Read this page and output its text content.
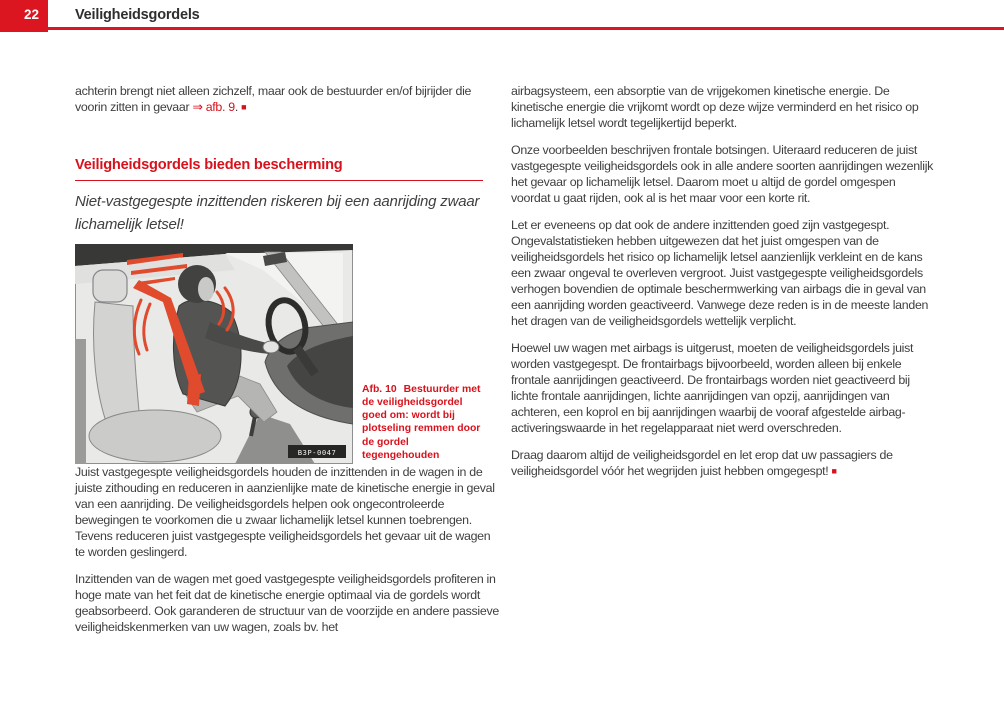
22	Veiligheidsgordels

achterin brengt niet alleen zichzelf, maar ook de bestuurder en/of bijrijder die voorin zitten in gevaar ⇒ afb. 9. ■

Veiligheidsgordels bieden bescherming

Niet-vastgegespte inzittenden riskeren bij een aanrijding zwaar lichamelijk letsel!

B3P-0047
Afb. 10 Bestuurder met de veiligheidsgordel goed om: wordt bij plotseling remmen door de gordel tegengehouden

Juist vastgegespte veiligheidsgordels houden de inzittenden in de wagen in de juiste zithouding en reduceren in aanzienlijke mate de kinetische energie in geval van een aanrijding. De veiligheidsgordels helpen ook ongecontroleerde bewegingen te voorkomen die u zwaar lichamelijk letsel kunnen toebrengen. Tevens reduceren juist vastgegespte veiligheidsgordels het gevaar uit de wagen te worden geslingerd.

Inzittenden van de wagen met goed vastgegespte veiligheidsgordels profiteren in hoge mate van het feit dat de kinetische energie optimaal via de gordels wordt geabsorbeerd. Ook garanderen de structuur van de voorzijde en andere passieve veiligheidskenmerken van uw wagen, zoals bv. het

airbagsysteem, een absorptie van de vrijgekomen kinetische energie. De kinetische energie die vrijkomt wordt op deze wijze verminderd en het risico op lichamelijk letsel wordt tegelijkertijd beperkt.

Onze voorbeelden beschrijven frontale botsingen. Uiteraard reduceren de juist vastgegespte veiligheidsgordels ook in alle andere soorten aanrijdingen wezenlijk het gevaar op lichamelijk letsel. Daarom moet u altijd de gordel omgespen voordat u gaat rijden, ook al is het maar voor een korte rit.

Let er eveneens op dat ook de andere inzittenden goed zijn vastgegespt. Ongevalstatistieken hebben uitgewezen dat het juist omgespen van de veiligheidsgordels het risico op lichamelijk letsel aanzienlijk verkleint en de kans een zwaar ongeval te overleven vergroot. Juist vastgegespte veiligheidsgordels verhogen bovendien de optimale beschermwerking van airbags die in geval van een aanrijding worden geactiveerd. Vanwege deze reden is in de meeste landen het dragen van de veiligheidsgordels wettelijk verplicht.

Hoewel uw wagen met airbags is uitgerust, moeten de veiligheidsgordels juist worden vastgegespt. De frontairbags bijvoorbeeld, worden alleen bij enkele frontale aanrijdingen geactiveerd. De frontairbags worden niet geactiveerd bij lichte frontale aanrijdingen, lichte aanrijdingen van opzij, aanrijdingen van achteren, een koprol en bij aanrijdingen waarbij de vooraf afgestelde airbag-activeringswaarde in het regelapparaat niet werd overschreden.

Draag daarom altijd de veiligheidsgordel en let erop dat uw passagiers de veiligheidsgordel vóór het wegrijden juist hebben omgegespt! ■
